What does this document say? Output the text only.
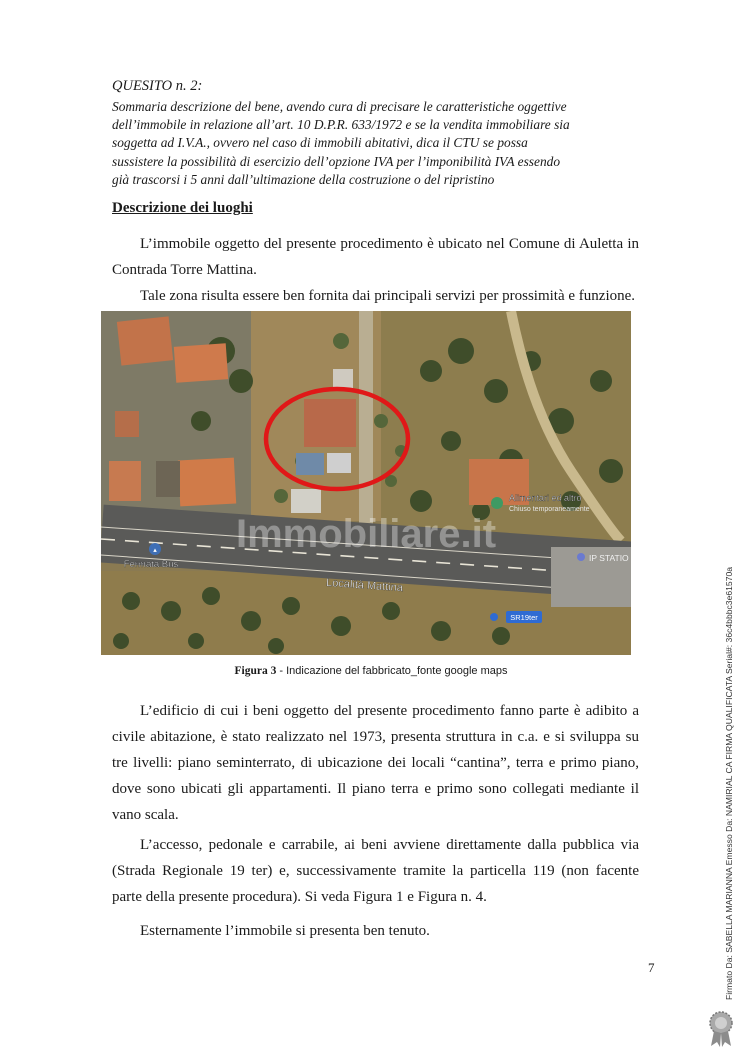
QUESITO n. 2:
Sommaria descrizione del bene, avendo cura di precisare le caratteristiche oggettive
dell’immobile in relazione all’art. 10 D.P.R. 633/1972 e se la vendita immobiliare sia
soggetta ad I.V.A., ovvero nel caso di immobili abitativi, dica il CTU se possa
sussistere la possibilità di esercizio dell’opzione IVA per l’imponibilità IVA essendo
già trascorsi i 5 anni dall’ultimazione della costruzione o del ripristino
Descrizione dei luoghi
L’immobile oggetto del presente procedimento è ubicato nel Comune di Auletta in Contrada Torre Mattina.
Tale zona risulta essere ben fornita dai principali servizi per prossimità e funzione.
▴
Fermata Bus
Località Mattina
SR19ter
Alimentari ed altro
Chiuso temporaneamente
IP STATIO
Immobiliare.it
Figura 3 - Indicazione del fabbricato_fonte google maps
L’edificio di cui i beni oggetto del presente procedimento fanno parte è adibito a civile abitazione, è stato realizzato nel 1973, presenta struttura in c.a. e si sviluppa su tre livelli: piano seminterrato, di ubicazione dei locali “cantina”, terra e primo piano, dove sono ubicati gli appartamenti. Il piano terra e primo sono collegati mediante il vano scala.
L’accesso, pedonale e carrabile, ai beni avviene direttamente dalla pubblica via (Strada Regionale 19 ter) e, successivamente tramite la particella 119 (non facente parte della presente procedura). Si veda Figura 1 e Figura n. 4.
Esternamente l’immobile si presenta ben tenuto.
7	Firmato Da: SABELLA MARIANNA Emesso Da: NAMIRIAL CA FIRMA QUALIFICATA Serial#: 36c4bbbc3e61570a
